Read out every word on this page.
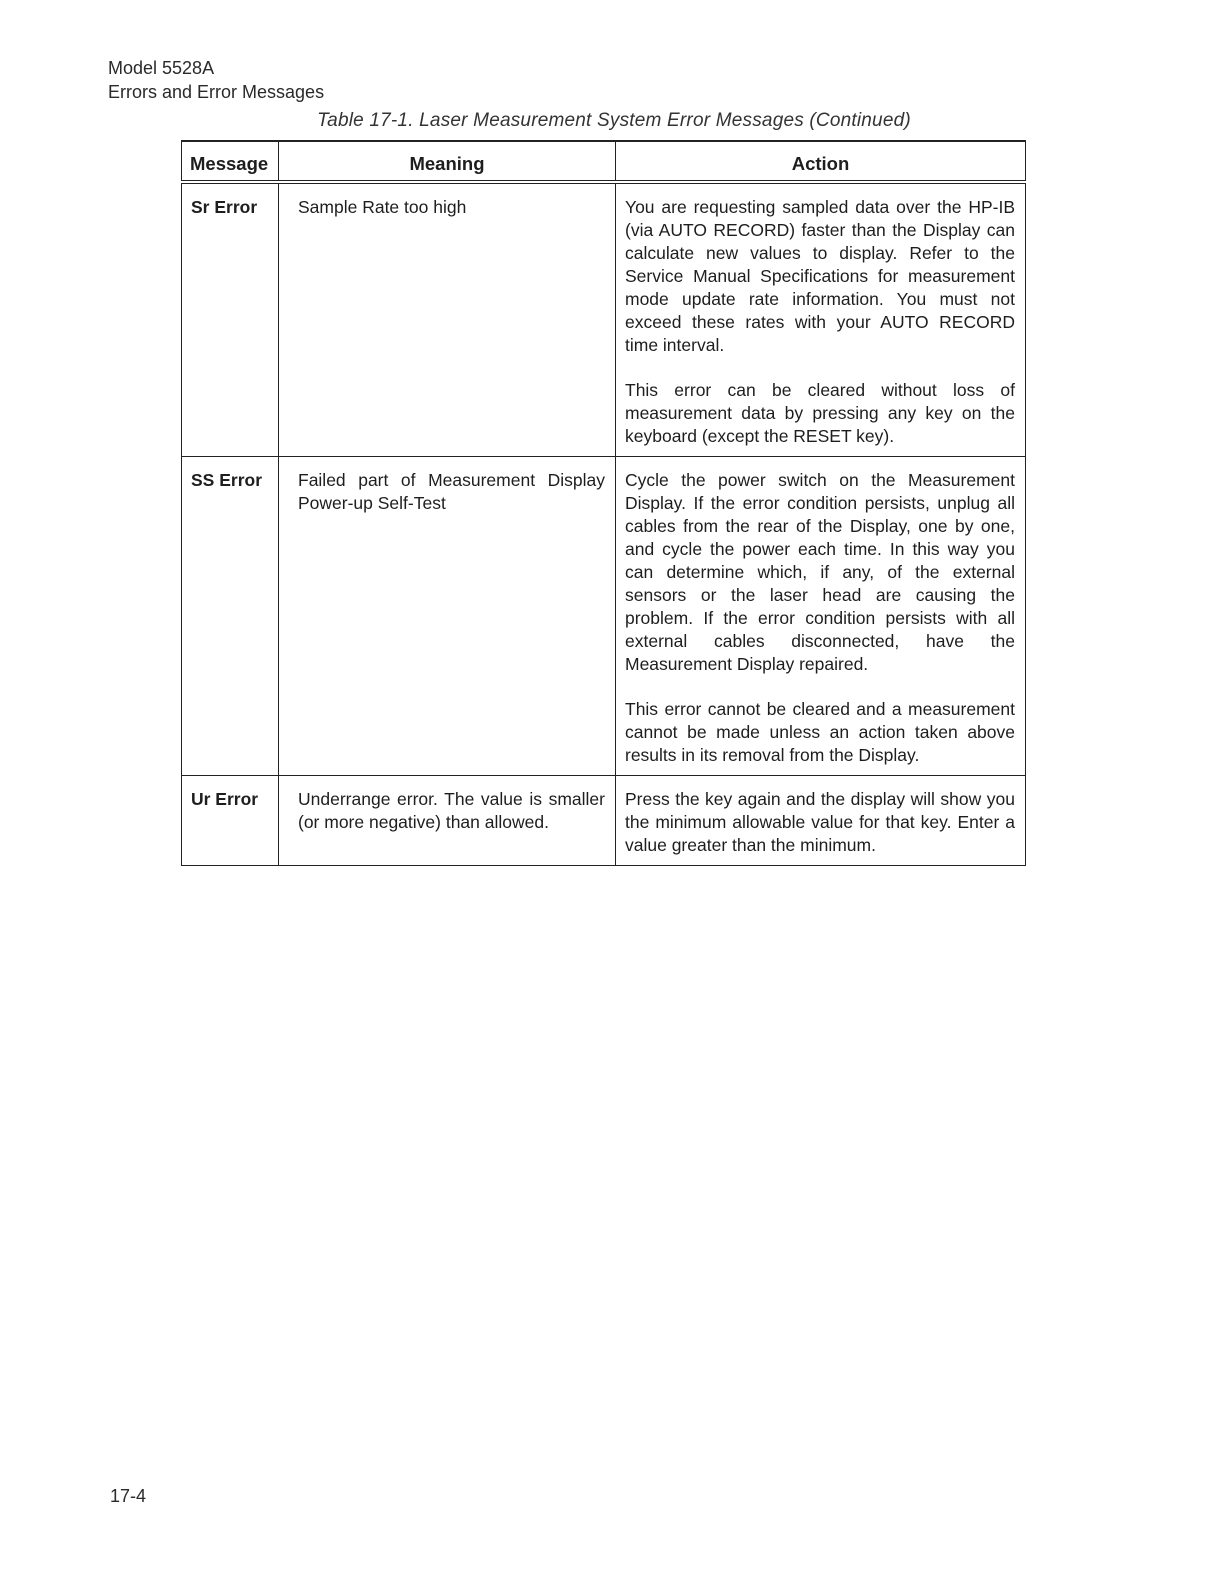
Model 5528A
Errors and Error Messages
Table 17-1. Laser Measurement System Error Messages (Continued)
Message	Meaning	Action
Sr Error	Sample Rate too high	You are requesting sampled data over the HP-IB (via AUTO RECORD) faster than the Display can calculate new values to display. Refer to the Service Manual Specifications for measurement mode update rate information. You must not exceed these rates with your AUTO RECORD time interval.

This error can be cleared without loss of measurement data by pressing any key on the keyboard (except the RESET key).

SS Error	Failed part of Measurement Display Power-up Self-Test	Cycle the power switch on the Measurement Display. If the error condition persists, unplug all cables from the rear of the Display, one by one, and cycle the power each time. In this way you can determine which, if any, of the external sensors or the laser head are causing the problem. If the error condition persists with all external cables disconnected, have the Measurement Display repaired.

This error cannot be cleared and a measurement cannot be made unless an action taken above results in its removal from the Display.

Ur Error	Underrange error. The value is smaller (or more negative) than allowed.	Press the key again and the display will show you the minimum allowable value for that key. Enter a value greater than the minimum.

17-4
